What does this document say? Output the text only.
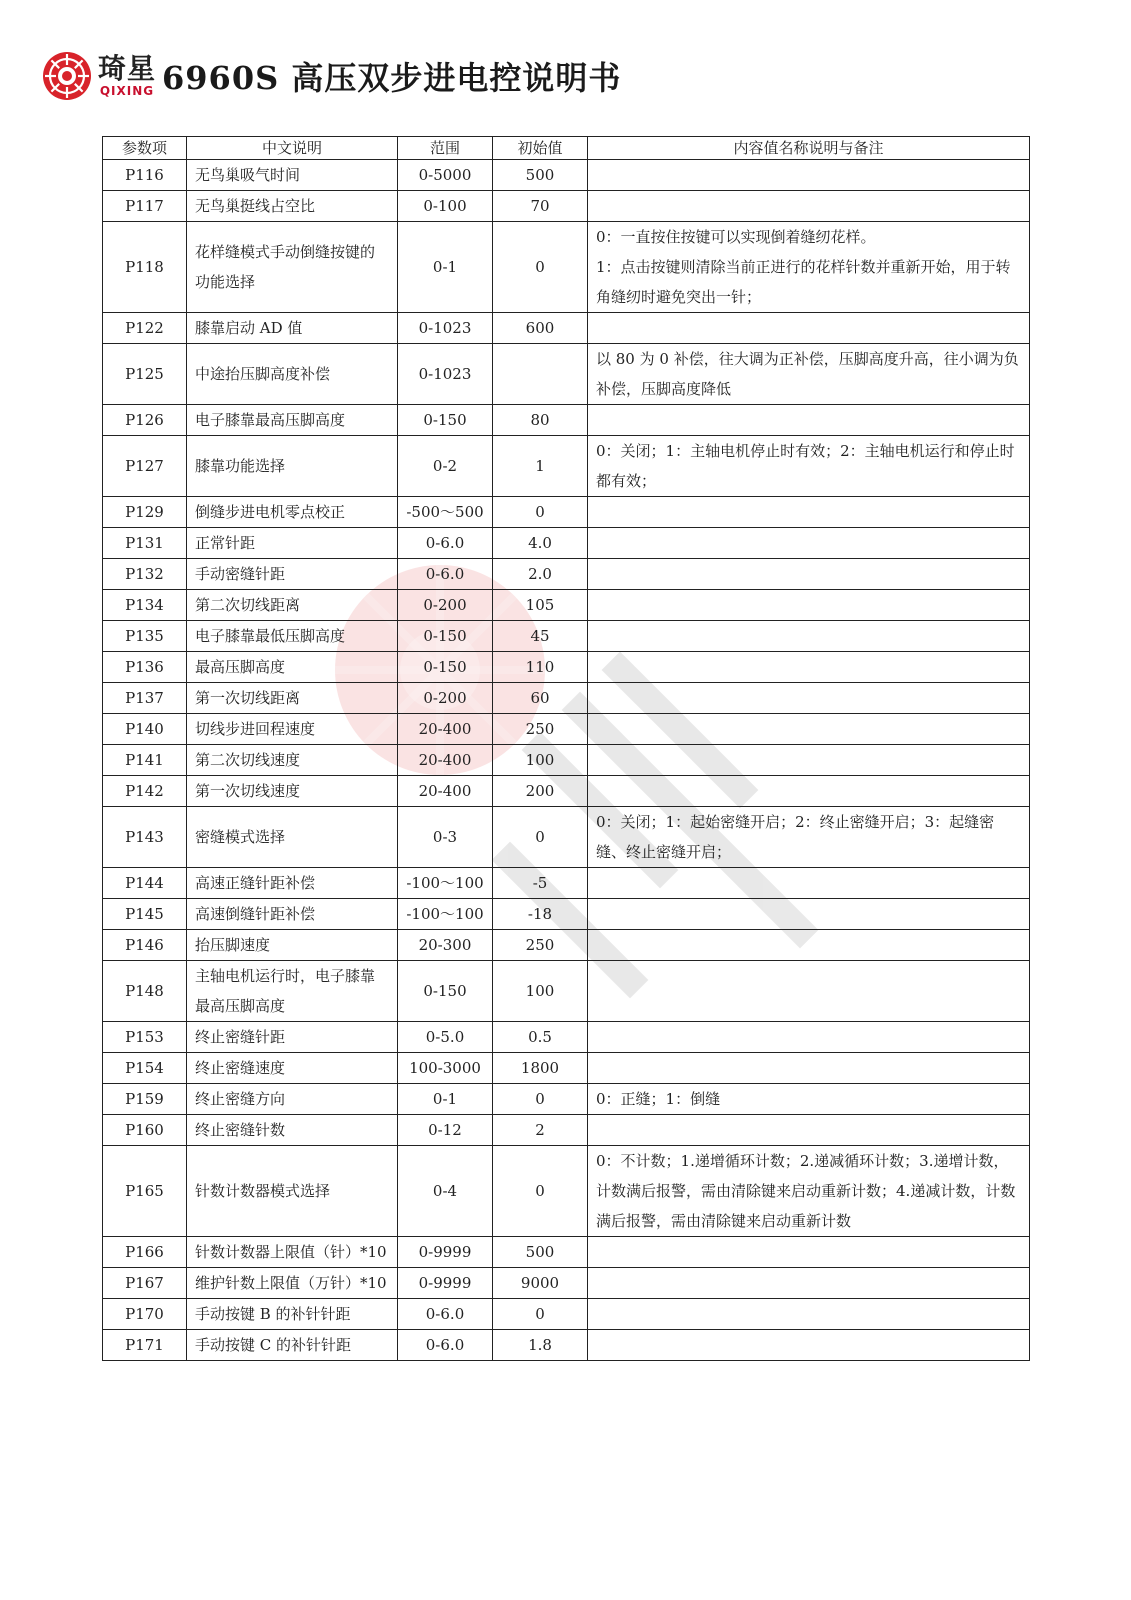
琦星
QIXING 6960S 高压双步进电控说明书
参数项	中文说明	范围	初始值	内容值名称说明与备注
P116	无鸟巢吸气时间	0-5000	500	
P117	无鸟巢挺线占空比	0-100	70	
P118	花样缝模式手动倒缝按键的功能选择	0-1	0	0：一直按住按键可以实现倒着缝纫花样。
1：点击按键则清除当前正进行的花样针数并重新开始，用于转角缝纫时避免突出一针；

P122	膝靠启动 AD 值	0-1023	600	
P125	中途抬压脚高度补偿	0-1023		以 80 为 0 补偿，往大调为正补偿，压脚高度升高，往小调为负补偿，压脚高度降低
P126	电子膝靠最高压脚高度	0-150	80	
P127	膝靠功能选择	0-2	1	0：关闭；1：主轴电机停止时有效；2：主轴电机运行和停止时都有效；
P129	倒缝步进电机零点校正	-500～500	0	
P131	正常针距	0-6.0	4.0	
P132	手动密缝针距	0-6.0	2.0	
P134	第二次切线距离	0-200	105	
P135	电子膝靠最低压脚高度	0-150	45	
P136	最高压脚高度	0-150	110	
P137	第一次切线距离	0-200	60	
P140	切线步进回程速度	20-400	250	
P141	第二次切线速度	20-400	100	
P142	第一次切线速度	20-400	200	
P143	密缝模式选择	0-3	0	0：关闭；1：起始密缝开启；2：终止密缝开启；3：起缝密缝、终止密缝开启；
P144	高速正缝针距补偿	-100～100	-5	
P145	高速倒缝针距补偿	-100～100	-18	
P146	抬压脚速度	20-300	250	
P148	主轴电机运行时，电子膝靠最高压脚高度	0-150	100	
P153	终止密缝针距	0-5.0	0.5	
P154	终止密缝速度	100-3000	1800	
P159	终止密缝方向	0-1	0	0：正缝；1：倒缝
P160	终止密缝针数	0-12	2	
P165	针数计数器模式选择	0-4	0	0：不计数；1.递增循环计数；2.递减循环计数；3.递增计数，计数满后报警，需由清除键来启动重新计数；4.递减计数，计数满后报警，需由清除键来启动重新计数
P166	针数计数器上限值（针）*10	0-9999	500	
P167	维护针数上限值（万针）*10	0-9999	9000	
P170	手动按键 B 的补针针距	0-6.0	0	
P171	手动按键 C 的补针针距	0-6.0	1.8	
